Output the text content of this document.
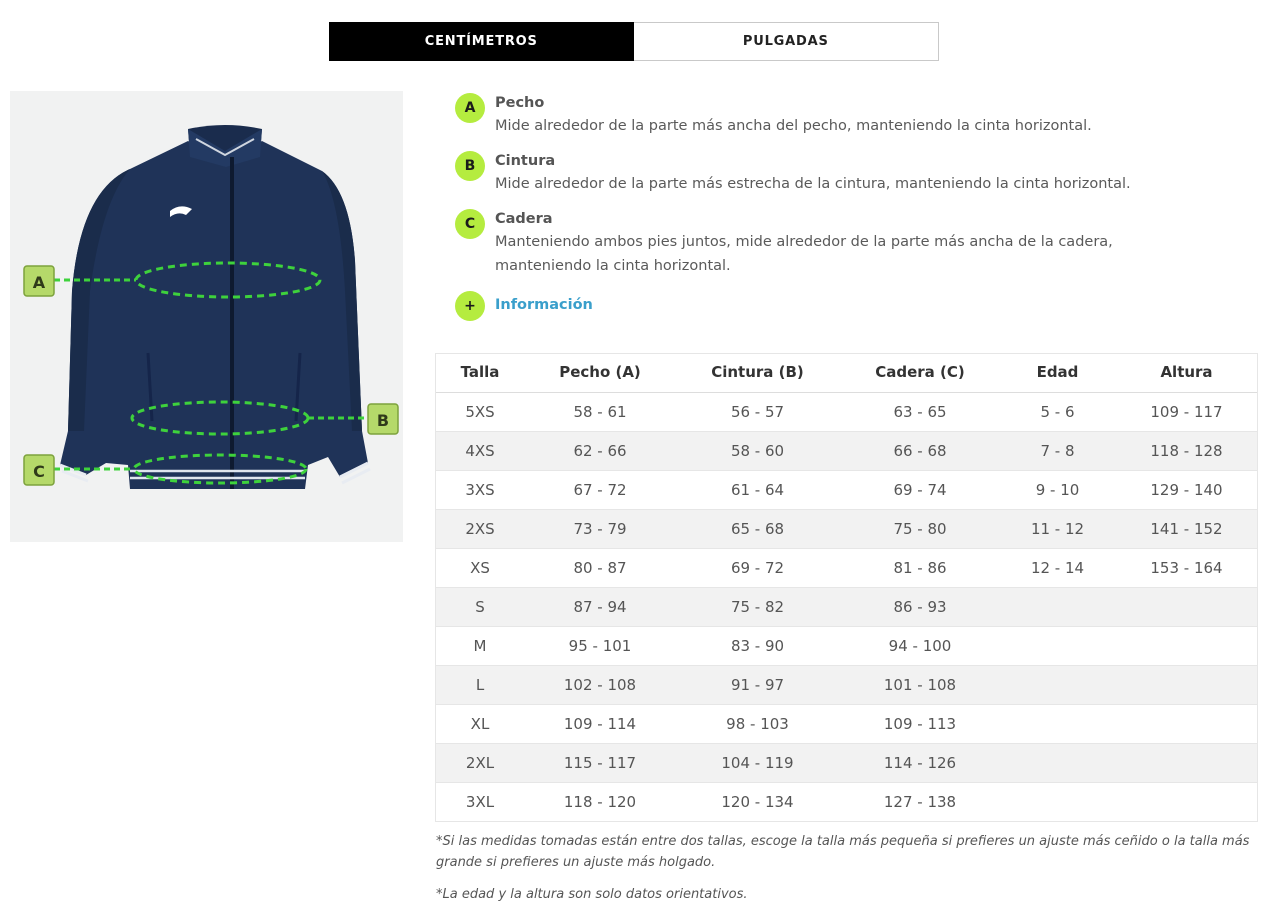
CENTÍMETROS	PULGADAS
A
B
C
A	Pecho
Mide alrededor de la parte más ancha del pecho, manteniendo la cinta horizontal.
B	Cintura
Mide alrededor de la parte más estrecha de la cintura, manteniendo la cinta horizontal.
C	Cadera
Manteniendo ambos pies juntos, mide alrededor de la parte más ancha de la cadera, manteniendo la cinta horizontal.
+	Información
Talla	Pecho (A)	Cintura (B)	Cadera (C)	Edad	Altura
5XS	58 - 61	56 - 57	63 - 65	5 - 6	109 - 117
4XS	62 - 66	58 - 60	66 - 68	7 - 8	118 - 128
3XS	67 - 72	61 - 64	69 - 74	9 - 10	129 - 140
2XS	73 - 79	65 - 68	75 - 80	11 - 12	141 - 152
XS	80 - 87	69 - 72	81 - 86	12 - 14	153 - 164
S	87 - 94	75 - 82	86 - 93		
M	95 - 101	83 - 90	94 - 100		
L	102 - 108	91 - 97	101 - 108		
XL	109 - 114	98 - 103	109 - 113		
2XL	115 - 117	104 - 119	114 - 126		
3XL	118 - 120	120 - 134	127 - 138		

*Si las medidas tomadas están entre dos tallas, escoge la talla más pequeña si prefieres un ajuste más ceñido o la talla más grande si prefieres un ajuste más holgado.

*La edad y la altura son solo datos orientativos.
